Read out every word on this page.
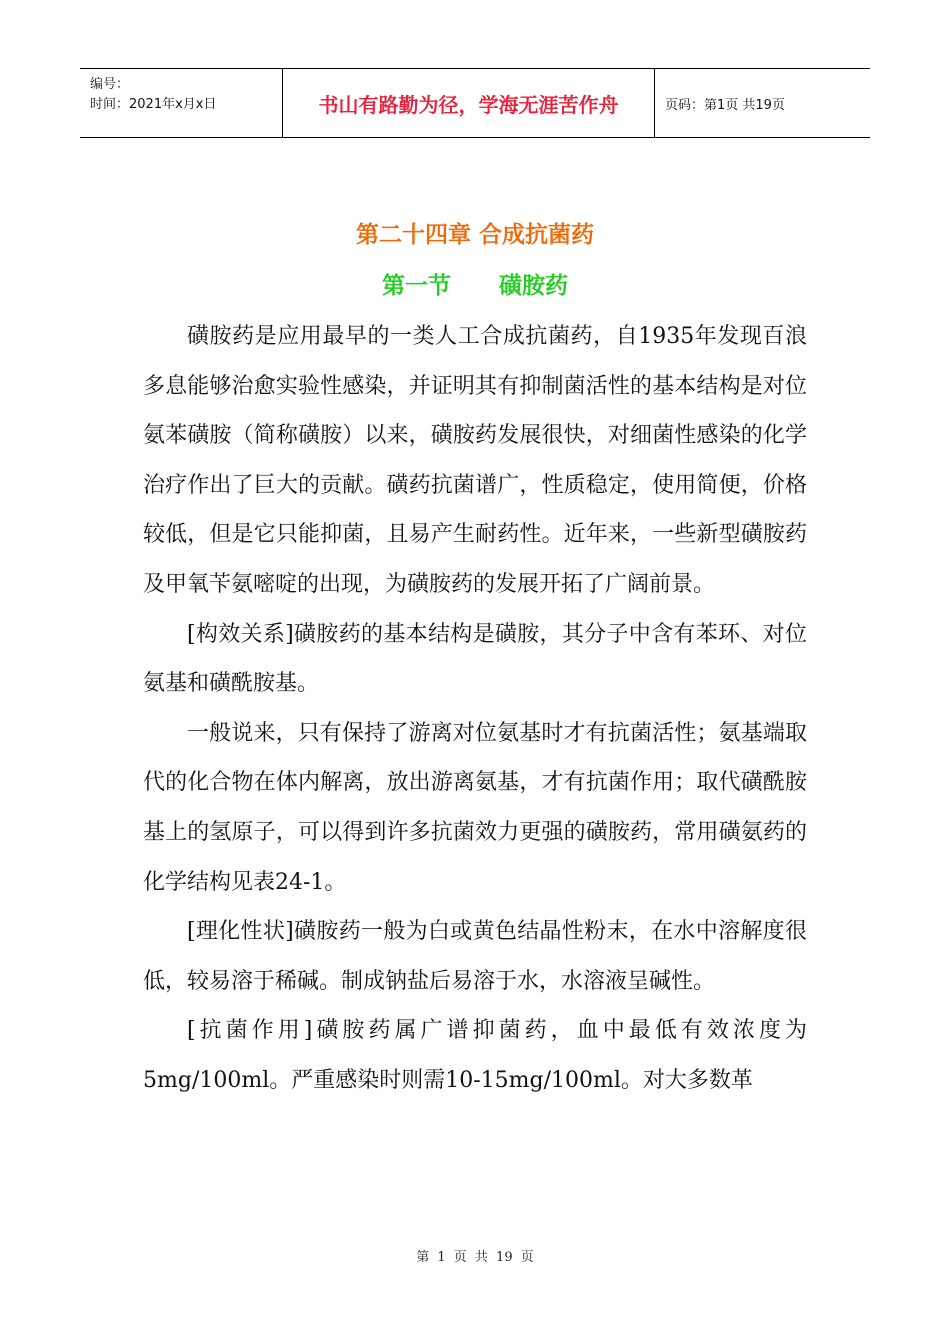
编号：
时间：2021年x月x日	书山有路勤为径，学海无涯苦作舟	页码：第1页 共19页
第二十四章 合成抗菌药
第一节      磺胺药

磺胺药是应用最早的一类人工合成抗菌药，自1935年发现百浪多息能够治愈实验性感染，并证明其有抑制菌活性的基本结构是对位氨苯磺胺（简称磺胺）以来，磺胺药发展很快，对细菌性感染的化学治疗作出了巨大的贡献。磺药抗菌谱广，性质稳定，使用简便，价格较低，但是它只能抑菌，且易产生耐药性。近年来，一些新型磺胺药及甲氧苄氨嘧啶的出现，为磺胺药的发展开拓了广阔前景。

[构效关系]磺胺药的基本结构是磺胺，其分子中含有苯环、对位氨基和磺酰胺基。

一般说来，只有保持了游离对位氨基时才有抗菌活性；氨基端取代的化合物在体内解离，放出游离氨基，才有抗菌作用；取代磺酰胺基上的氢原子，可以得到许多抗菌效力更强的磺胺药，常用磺氨药的化学结构见表24-1。

[理化性状]磺胺药一般为白或黄色结晶性粉末，在水中溶解度很低，较易溶于稀碱。制成钠盐后易溶于水，水溶液呈碱性。

[抗菌作用]磺胺药属广谱抑菌药，血中最低有效浓度为5mg/100ml。严重感染时则需10-15mg/100ml。对大多数革

第 1 页 共 19 页
